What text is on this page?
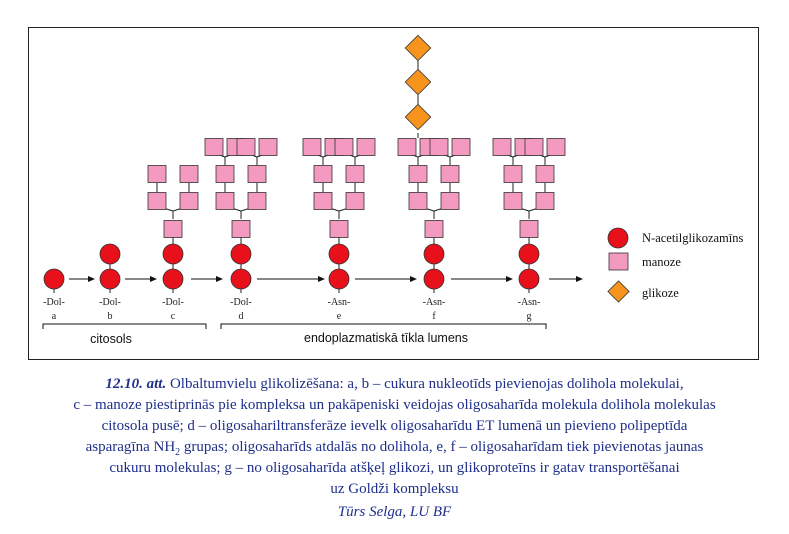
-Dol-
a
-Dol-
b
-Dol-
c
-Dol-
d
-Asn-
e
-Asn-
f
-Asn-
g
citosols	endoplazmatiskā tīkla lumens
N-acetilglikozamīns
manoze
glikoze
12.10. att. Olbaltumvielu glikolizēšana: a, b – cukura nukleotīds pievienojas dolihola molekulai,
c – manoze piestiprinās pie kompleksa un pakāpeniski veidojas oligosaharīda molekula dolihola molekulas
citosola pusē; d – oligosahariltransferāze ievelk oligosaharīdu ET lumenā un pievieno polipeptīda
asparagīna $NH_2$ grupas; oligosaharīds atdalās no dolihola, e, f – oligosaharīdam tiek pievienotas jaunas
cukuru molekulas; g – no oligosaharīda atšķeļ glikozi, un glikoproteīns ir gatav transportēšanai
uz Goldži kompleksu
Tūrs Selga, LU BF
